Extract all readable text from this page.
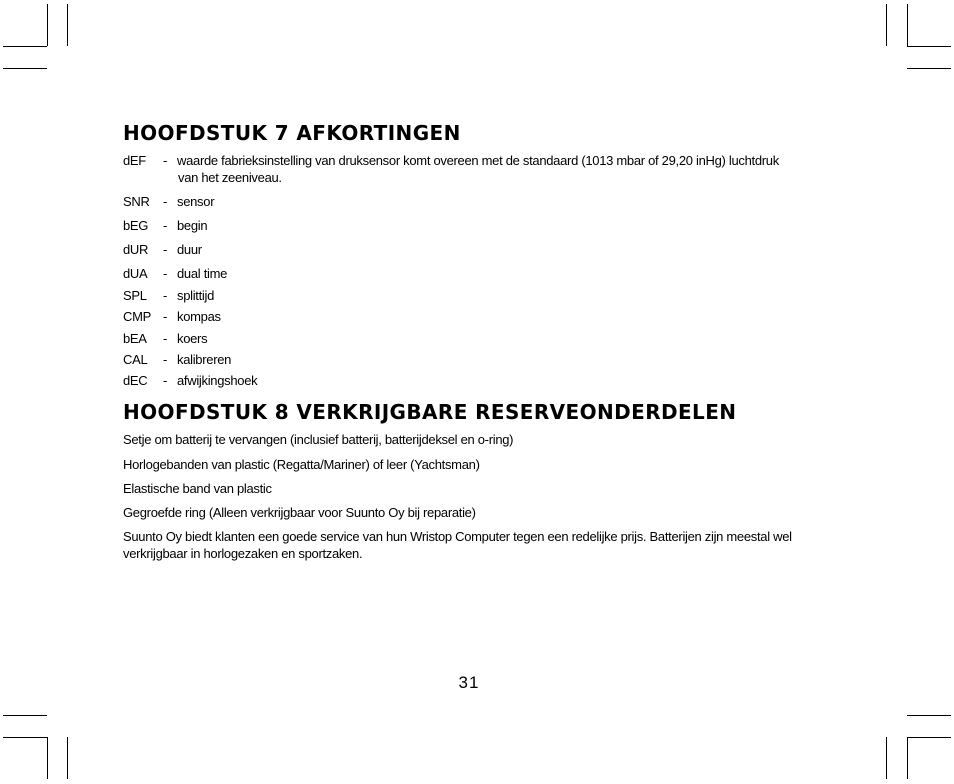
HOOFDSTUK 7 AFKORTINGEN
dEF - waarde fabrieksinstelling van druksensor komt overeen met de standaard (1013 mbar of 29,20 inHg) luchtdruk
van het zeeniveau.
SNR - sensor
bEG - begin
dUR - duur
dUA - dual time
SPL - splittijd
CMP - kompas
bEA - koers
CAL - kalibreren
dEC - afwijkingshoek
HOOFDSTUK 8 VERKRIJGBARE RESERVEONDERDELEN

Setje om batterij te vervangen (inclusief batterij, batterijdeksel en o-ring)

Horlogebanden van plastic (Regatta/Mariner) of leer (Yachtsman)

Elastische band van plastic

Gegroefde ring (Alleen verkrijgbaar voor Suunto Oy bij reparatie)

Suunto Oy biedt klanten een goede service van hun Wristop Computer tegen een redelijke prijs. Batterijen zijn meestal wel verkrijgbaar in horlogezaken en sportzaken.

31
